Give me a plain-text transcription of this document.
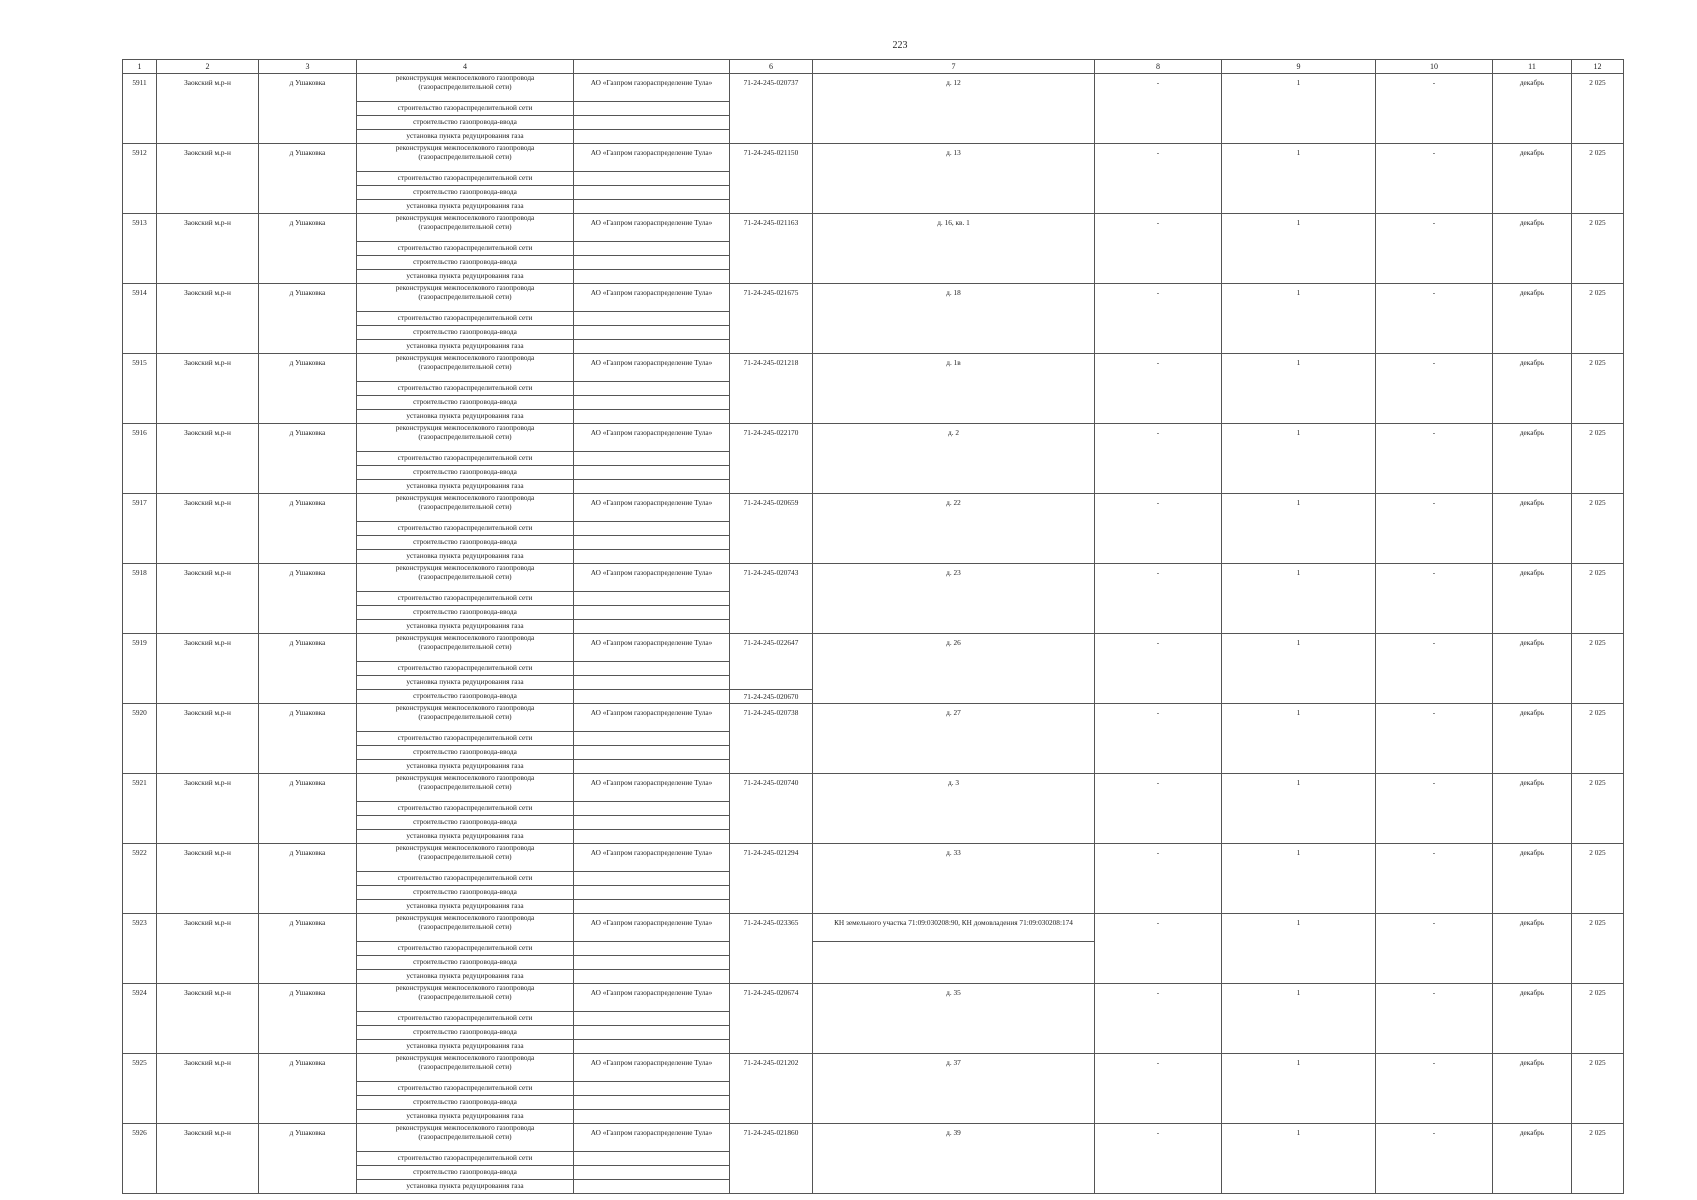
223
1	2	3	4		6	7	8	9	10	11	12
5911	Заокский м.р-н	д Ушаковка	реконструкция межпоселкового газопровода (газораспределительной сети)	АО «Газпром газораспределение Тула»	71-24-245-020737	д. 12	-	1	-	декабрь	2 025
			строительство газораспределительной сети								
			строительство газопровода-ввода								
			установка пункта редуцирования газа								
5912	Заокский м.р-н	д Ушаковка	реконструкция межпоселкового газопровода (газораспределительной сети)	АО «Газпром газораспределение Тула»	71-24-245-021150	д. 13	-	1	-	декабрь	2 025
			строительство газораспределительной сети								
			строительство газопровода-ввода								
			установка пункта редуцирования газа								
5913	Заокский м.р-н	д Ушаковка	реконструкция межпоселкового газопровода (газораспределительной сети)	АО «Газпром газораспределение Тула»	71-24-245-021163	д. 16, кв. 1	-	1	-	декабрь	2 025
			строительство газораспределительной сети								
			строительство газопровода-ввода								
			установка пункта редуцирования газа								
5914	Заокский м.р-н	д Ушаковка	реконструкция межпоселкового газопровода (газораспределительной сети)	АО «Газпром газораспределение Тула»	71-24-245-021675	д. 18	-	1	-	декабрь	2 025
			строительство газораспределительной сети								
			строительство газопровода-ввода								
			установка пункта редуцирования газа								
5915	Заокский м.р-н	д Ушаковка	реконструкция межпоселкового газопровода (газораспределительной сети)	АО «Газпром газораспределение Тула»	71-24-245-021218	д. 1в	-	1	-	декабрь	2 025
			строительство газораспределительной сети								
			строительство газопровода-ввода								
			установка пункта редуцирования газа								
5916	Заокский м.р-н	д Ушаковка	реконструкция межпоселкового газопровода (газораспределительной сети)	АО «Газпром газораспределение Тула»	71-24-245-022170	д. 2	-	1	-	декабрь	2 025
			строительство газораспределительной сети								
			строительство газопровода-ввода								
			установка пункта редуцирования газа								
5917	Заокский м.р-н	д Ушаковка	реконструкция межпоселкового газопровода (газораспределительной сети)	АО «Газпром газораспределение Тула»	71-24-245-020659	д. 22	-	1	-	декабрь	2 025
			строительство газораспределительной сети								
			строительство газопровода-ввода								
			установка пункта редуцирования газа								
5918	Заокский м.р-н	д Ушаковка	реконструкция межпоселкового газопровода (газораспределительной сети)	АО «Газпром газораспределение Тула»	71-24-245-020743	д. 23	-	1	-	декабрь	2 025
			строительство газораспределительной сети								
			строительство газопровода-ввода								
			установка пункта редуцирования газа								
5919	Заокский м.р-н	д Ушаковка	реконструкция межпоселкового газопровода (газораспределительной сети)	АО «Газпром газораспределение Тула»	71-24-245-022647	д. 26	-	1	-	декабрь	2 025
			строительство газораспределительной сети								
			установка пункта редуцирования газа								
			строительство газопровода-ввода		71-24-245-020670						
5920	Заокский м.р-н	д Ушаковка	реконструкция межпоселкового газопровода (газораспределительной сети)	АО «Газпром газораспределение Тула»	71-24-245-020738	д. 27	-	1	-	декабрь	2 025
			строительство газораспределительной сети								
			строительство газопровода-ввода								
			установка пункта редуцирования газа								
5921	Заокский м.р-н	д Ушаковка	реконструкция межпоселкового газопровода (газораспределительной сети)	АО «Газпром газораспределение Тула»	71-24-245-020740	д. 3	-	1	-	декабрь	2 025
			строительство газораспределительной сети								
			строительство газопровода-ввода								
			установка пункта редуцирования газа								
5922	Заокский м.р-н	д Ушаковка	реконструкция межпоселкового газопровода (газораспределительной сети)	АО «Газпром газораспределение Тула»	71-24-245-021294	д. 33	-	1	-	декабрь	2 025
			строительство газораспределительной сети								
			строительство газопровода-ввода								
			установка пункта редуцирования газа								
5923	Заокский м.р-н	д Ушаковка	реконструкция межпоселкового газопровода (газораспределительной сети)	АО «Газпром газораспределение Тула»	71-24-245-023365	КН земельного участка 71:09:030208:90, КН домовладения 71:09:030208:174	-	1	-	декабрь	2 025
			строительство газораспределительной сети								
			строительство газопровода-ввода								
			установка пункта редуцирования газа								
5924	Заокский м.р-н	д Ушаковка	реконструкция межпоселкового газопровода (газораспределительной сети)	АО «Газпром газораспределение Тула»	71-24-245-020674	д. 35	-	1	-	декабрь	2 025
			строительство газораспределительной сети								
			строительство газопровода-ввода								
			установка пункта редуцирования газа								
5925	Заокский м.р-н	д Ушаковка	реконструкция межпоселкового газопровода (газораспределительной сети)	АО «Газпром газораспределение Тула»	71-24-245-021202	д. 37	-	1	-	декабрь	2 025
			строительство газораспределительной сети								
			строительство газопровода-ввода								
			установка пункта редуцирования газа								
5926	Заокский м.р-н	д Ушаковка	реконструкция межпоселкового газопровода (газораспределительной сети)	АО «Газпром газораспределение Тула»	71-24-245-021860	д. 39	-	1	-	декабрь	2 025
			строительство газораспределительной сети								
			строительство газопровода-ввода								
			установка пункта редуцирования газа								
